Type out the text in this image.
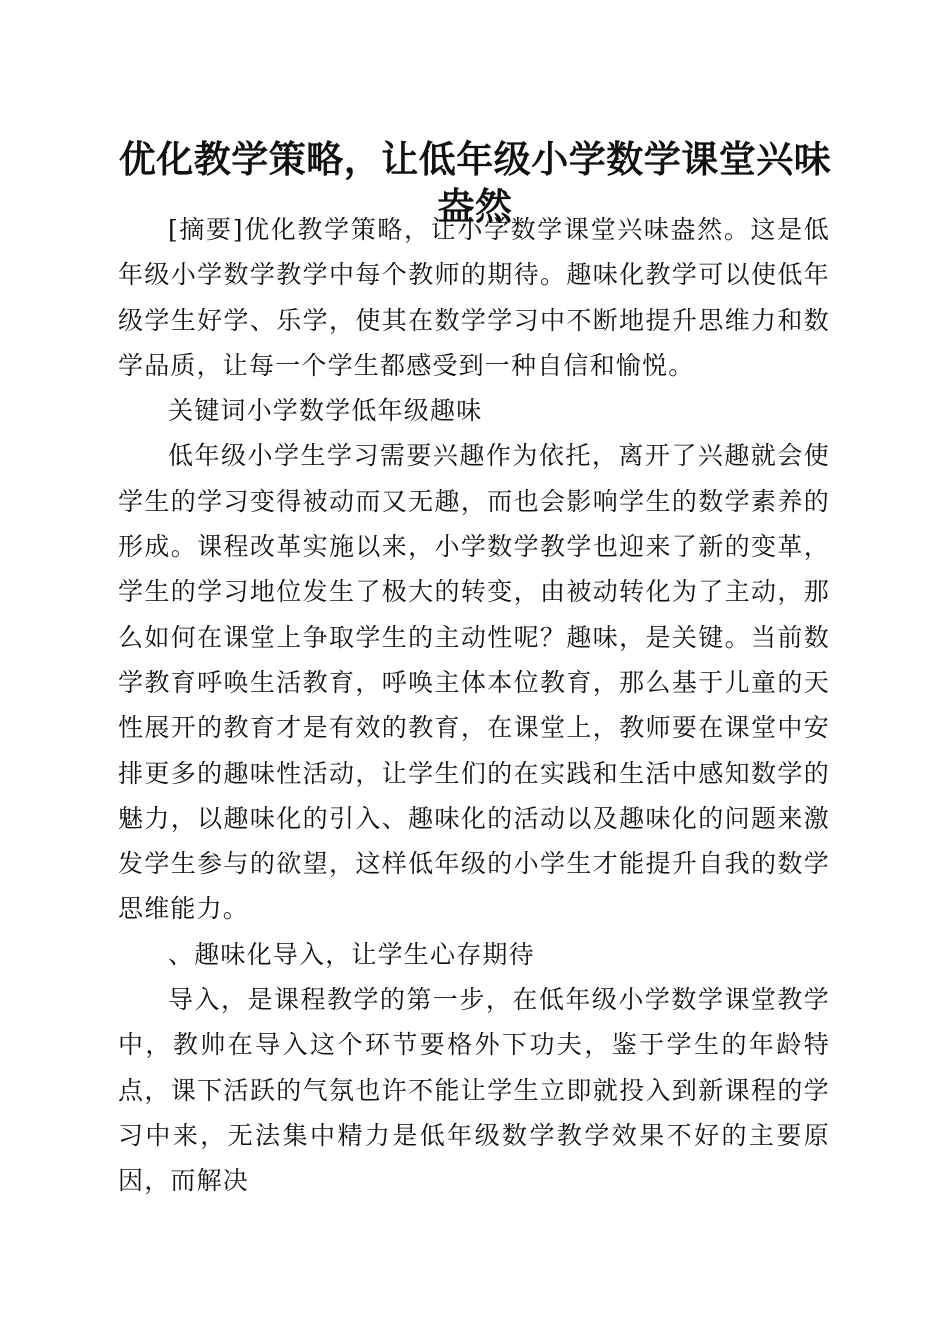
优化教学策略，让低年级小学数学课堂兴味盎然

[摘要]优化教学策略，让小学数学课堂兴味盎然。这是低年级小学数学教学中每个教师的期待。趣味化教学可以使低年级学生好学、乐学，使其在数学学习中不断地提升思维力和数学品质，让每一个学生都感受到一种自信和愉悦。

关键词小学数学低年级趣味

低年级小学生学习需要兴趣作为依托，离开了兴趣就会使学生的学习变得被动而又无趣，而也会影响学生的数学素养的形成。课程改革实施以来，小学数学教学也迎来了新的变革，学生的学习地位发生了极大的转变，由被动转化为了主动，那么如何在课堂上争取学生的主动性呢？趣味，是关键。当前数学教育呼唤生活教育，呼唤主体本位教育，那么基于儿童的天性展开的教育才是有效的教育，在课堂上，教师要在课堂中安排更多的趣味性活动，让学生们的在实践和生活中感知数学的魅力，以趣味化的引入、趣味化的活动以及趣味化的问题来激发学生参与的欲望，这样低年级的小学生才能提升自我的数学思维能力。

、趣味化导入，让学生心存期待

导入，是课程教学的第一步，在低年级小学数学课堂教学中，教帅在导入这个环节要格外下功夫，鉴于学生的年龄特点，课下活跃的气氛也许不能让学生立即就投入到新课程的学习中来，无法集中精力是低年级数学教学效果不好的主要原因，而解决
